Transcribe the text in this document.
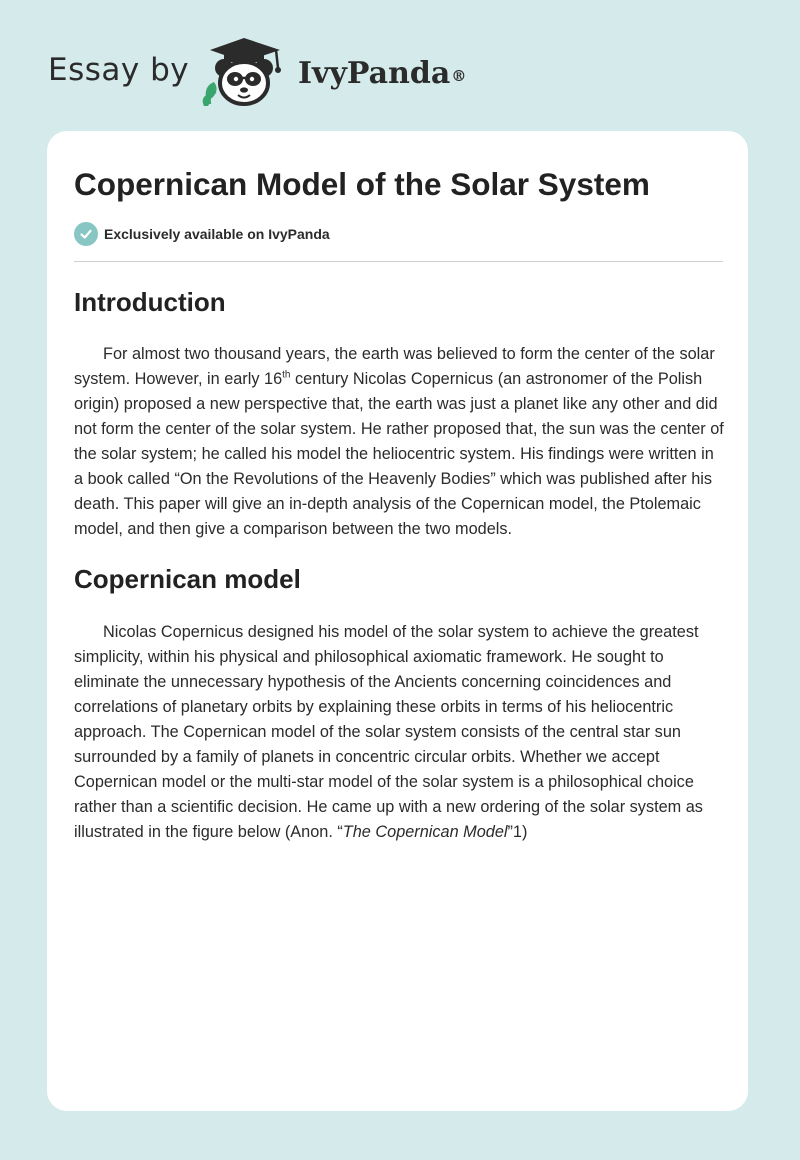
Essay by	IvyPanda®
Copernican Model of the Solar System
Exclusively available on IvyPanda
Introduction

For almost two thousand years, the earth was believed to form the center of the solar system. However, in early 16th century Nicolas Copernicus (an astronomer of the Polish origin) proposed a new perspective that, the earth was just a planet like any other and did not form the center of the solar system. He rather proposed that, the sun was the center of the solar system; he called his model the heliocentric system. His findings were written in a book called “On the Revolutions of the Heavenly Bodies” which was published after his death. This paper will give an in-depth analysis of the Copernican model, the Ptolemaic model, and then give a comparison between the two models.

Copernican model

Nicolas Copernicus designed his model of the solar system to achieve the greatest simplicity, within his physical and philosophical axiomatic framework. He sought to eliminate the unnecessary hypothesis of the Ancients concerning coincidences and correlations of planetary orbits by explaining these orbits in terms of his heliocentric approach. The Copernican model of the solar system consists of the central star sun surrounded by a family of planets in concentric circular orbits. Whether we accept Copernican model or the multi-star model of the solar system is a philosophical choice rather than a scientific decision. He came up with a new ordering of the solar system as illustrated in the figure below (Anon. “The Copernican Model”1)
